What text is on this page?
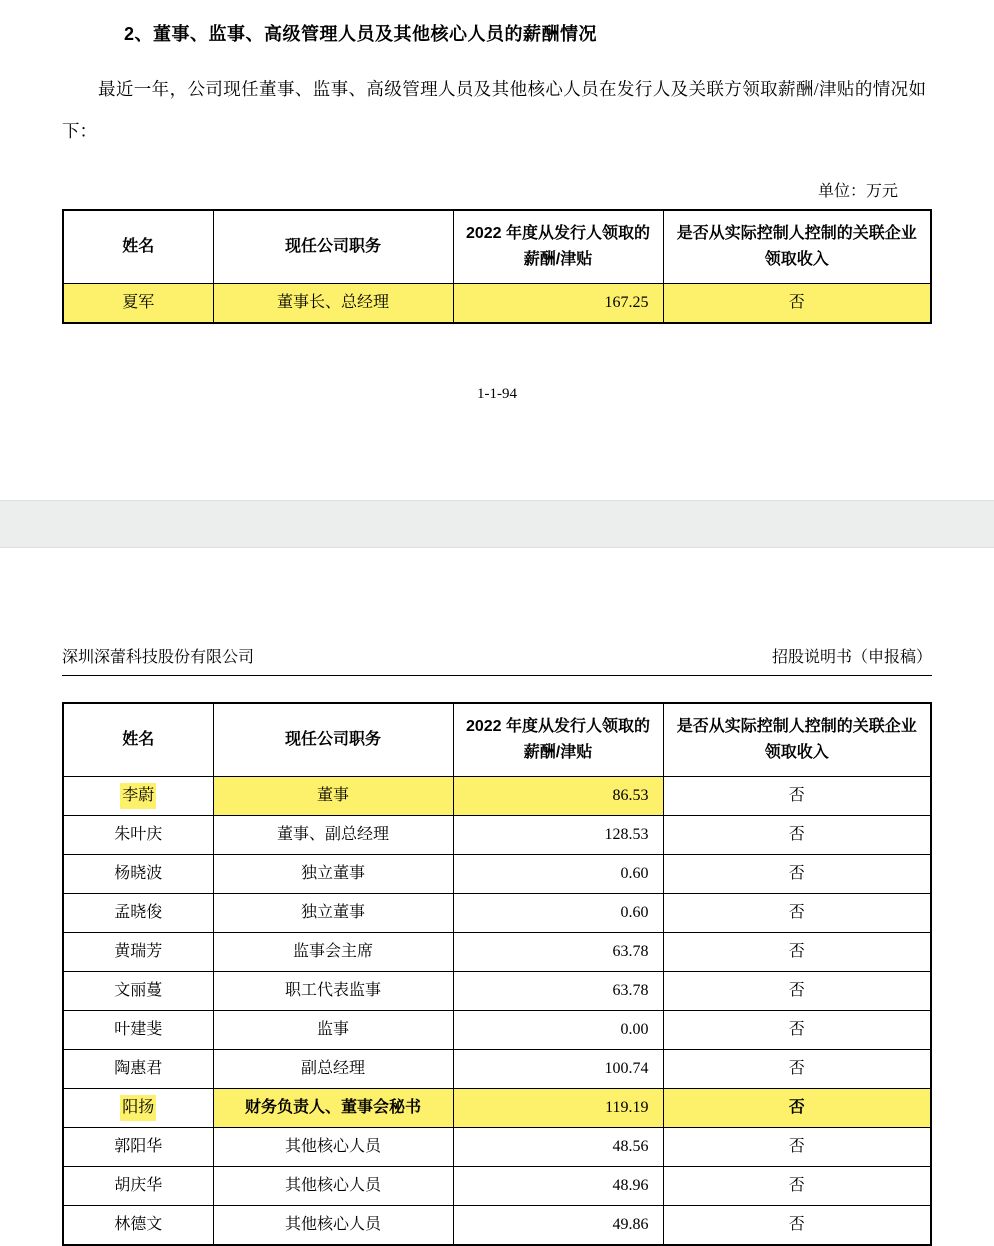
2、董事、监事、高级管理人员及其他核心人员的薪酬情况

最近一年，公司现任董事、监事、高级管理人员及其他核心人员在发行人及关联方领取薪酬/津贴的情况如下：

单位：万元
姓名	现任公司职务	2022 年度从发行人领取的薪酬/津贴	是否从实际控制人控制的关联企业领取收入
夏军	董事长、总经理	167.25	否
1-1-94
深圳深蕾科技股份有限公司	招股说明书（申报稿）
姓名	现任公司职务	2022 年度从发行人领取的薪酬/津贴	是否从实际控制人控制的关联企业领取收入
李蔚	董事	86.53	否
朱叶庆	董事、副总经理	128.53	否
杨晓波	独立董事	0.60	否
孟晓俊	独立董事	0.60	否
黄瑞芳	监事会主席	63.78	否
文丽蔓	职工代表监事	63.78	否
叶建斐	监事	0.00	否
陶惠君	副总经理	100.74	否
阳扬	财务负责人、董事会秘书	119.19	否
郭阳华	其他核心人员	48.56	否
胡庆华	其他核心人员	48.96	否
林德文	其他核心人员	49.86	否
